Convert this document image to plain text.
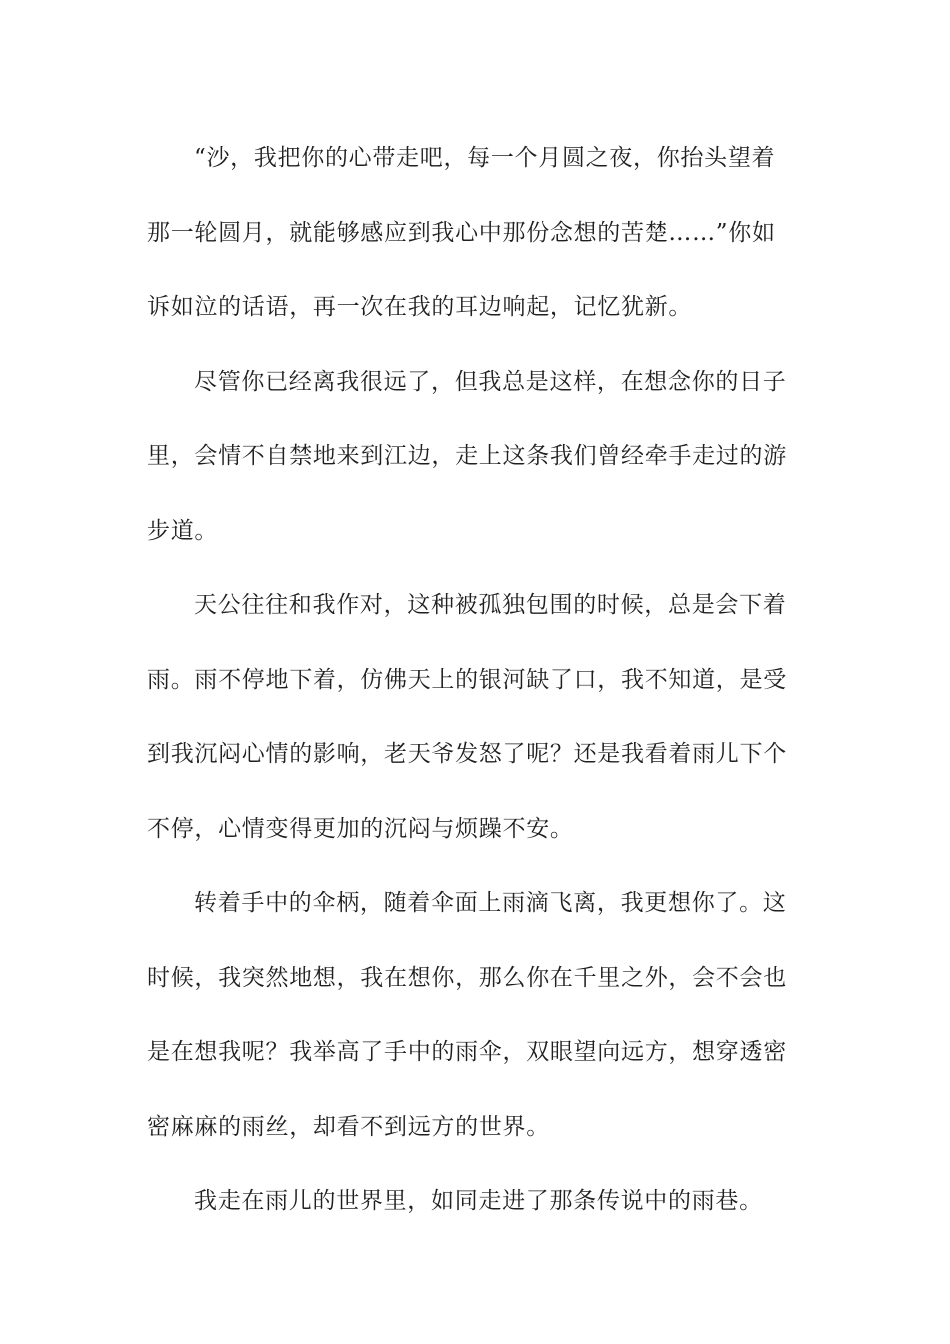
“沙，我把你的心带走吧，每一个月圆之夜，你抬头望着那一轮圆月，就能够感应到我心中那份念想的苦楚……”你如诉如泣的话语，再一次在我的耳边响起，记忆犹新。

尽管你已经离我很远了，但我总是这样，在想念你的日子里，会情不自禁地来到江边，走上这条我们曾经牵手走过的游步道。

天公往往和我作对，这种被孤独包围的时候，总是会下着雨。雨不停地下着，仿佛天上的银河缺了口，我不知道，是受到我沉闷心情的影响，老天爷发怒了呢？还是我看着雨儿下个不停，心情变得更加的沉闷与烦躁不安。

转着手中的伞柄，随着伞面上雨滴飞离，我更想你了。这时候，我突然地想，我在想你，那么你在千里之外，会不会也是在想我呢？我举高了手中的雨伞，双眼望向远方，想穿透密密麻麻的雨丝，却看不到远方的世界。

我走在雨儿的世界里，如同走进了那条传说中的雨巷。
